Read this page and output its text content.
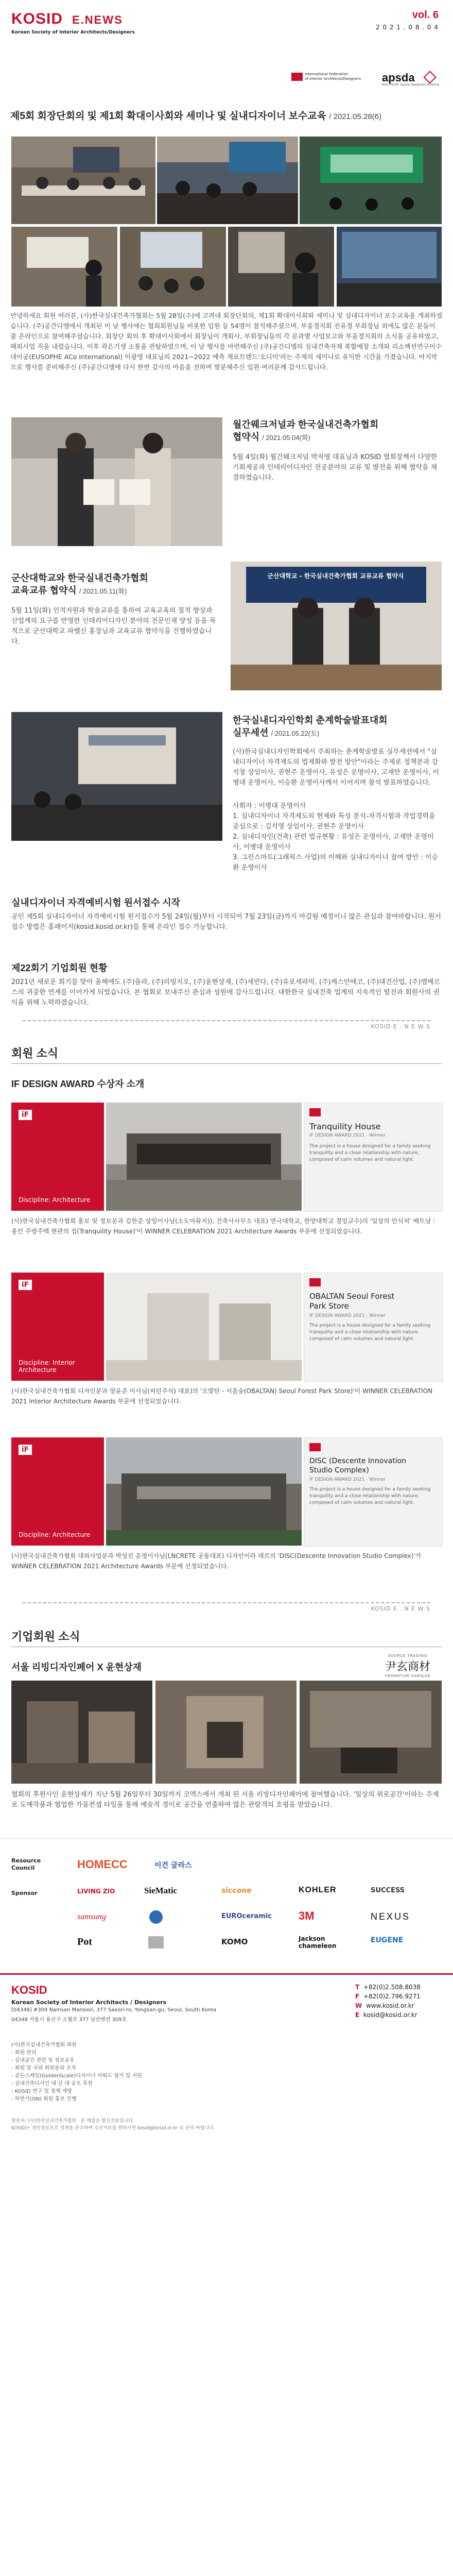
KOSID E.NEWS
Korean Society of Interior Architects/Designers
vol. 6
2 0 2 1 . 0 8 . 0 4
International Federation
of Interior Architects/Designers apsda
Asia Pacific Space Designers Alliance
제5회 회장단회의 및 제1회 확대이사회와 세미나 및 실내디자이너 보수교육 / 2021.05.28(6)

안녕하세요 회원 여러분, (사)한국실내건축가협회는 5월 28일(수)에 고려대 회장단회의, 제1회 확대이사회와 세미나 및 실내디자이너 보수교육을 개최하였습니다. (주)공간디엠에서 개최된 이 날 행사에는 협회회원님들 비롯한 임원 등 54명이 참석해주셨으며, 부울경지회 진유경 부회장님 외에도 많은 분들이 줌 온라인으로 참여해주셨습니다. 회장단 회의 후 확대이사회에서 회장님이 개회사, 부회장님들의 각 분과별 사업보고와 부울경지회의 소식을 공유하였고, 해외사업 직을 내렸습니다. 이후 곽은기생 소통을 관탑하였으며, 이 날 행사를 마련해주신 (주)공간디엠의 실내건축자재 복합매장 소개와 리소렉션연구이수네이공(EUSOPHE ACo International) 이광영 대표님의 2021~2022 예측 재료트렌드'오디이'라는 주제의 세미나로 유익한 시간을 가졌습니다. 마지막으로 행사를 준비해주신 (주)공간디엠에 다시 한번 감사의 마음을 전하며 발분해주신 임원·여러분께 감사드립니다.

월간웨크저널과 한국실내건축가협회
협약식 / 2021.05.04(화)

5월 4일(화) 월간웨크저널 박자영 대표님과 KOSID 협회장께서 다양한 기회제공과 인테리어디자인 전공분야의 교류 및 발전을 위해 협약을 체결하였습니다.

군산대학교와 한국실내건축가협회
교육교류 협약식 / 2021.05.11(화)

5월 11일(화) 인적자원과 학술교류를 통하여 교육교육의 질적 향상과 산업계의 요구를 반영한 인테리어디자인 분야의 전문인재 양성 등을 목적으로 군산대학교 파밸신 홍장님과 교육교류 협약식을 진행하였습니다.

군산대학교 - 한국실내건축가협회 교류교류 협약식
한국실내디자인학회 춘계학술발표대회
실무세션 / 2021.05.22(토)

(사)한국실내디자인학회에서 주최하는 춘계학술발표 실무세션에서 "실내디자이너 자격제도의 법제화와 발전 방안"이라는 주제로 정책분과 강석창 상임이사, 권현주 운영이사, 유성은 운영이사, 고재만 운영이사, 이병대 운영이사, 이승환 운영이사께서 이어지며 참석 발표하였습니다.

사회자 : 이병대 운영이사

1. 실내디자이너 자격제도의 현재와 특성 분석-자격시험과 작업경력을 중심으로 : 김석영 상임이사, 권현주 운영이사

2. 실내디자인(건축) 관련 법규현황 : 유성은 운영이사, 고재만 운영이사, 이병대 운영이사

3. 그린스마트(그래픽스 사업)의 이해와 실내디자이너 참여 방안 : 이승환 운영이사

실내디자이너 자격예비시험 원서접수 시작

공인 제5회 실내디자이너 자격예비시험 원서접수가 5월 24일(월)부터 시작되어 7월 23일(금)까지 마감될 예정이니 많은 관심과 참여바랍니다. 원서접수 방법은 홈페이지(kosid.kosid.or.kr)를 통해 온라인 접수 가능합니다.

제22회기 기업회원 현황

2021년 새로운 회기를 맞아 올해에도 (주)올라, (주)리빙지오, (주)윤현상재, (주)세빈다, (주)유로세라믹, (주)케스안에코, (주)대건산업, (주)엠베르스의 귀중한 연계를 이어가게 되었습니다. 본 협회로 보내주신 관심과 성원에 감사드립니다. 대한한국 실내건축 업계의 지속적인 발전과 회원사의 권익을 위해 노력하겠습니다.

KOSID E . N E W S
회원 소식
IF DESIGN AWARD 수상자 소개
iF
Discipline: Architecture
Tranquility House
IF DESIGN AWARD 2021 · Winner
The project is a house designed for a family seeking tranquility and a close relationship with nature, composed of calm volumes and natural light.

(사)한국실내건축가협회 홍보 및 정보분과 김한준 상임이사님(소도아뮤지)), 건축사사무소 대표) 연극대학교, 한양대학교 겸임교수)의 '일상의 안식처' 베트남 : 용인 주방주택 현관의 집(Tranquility House)'이 WINNER CELEBRATION 2021 Architecture Awards 부문에 선정되었습니다.

iF
Discipline: Interior Architecture
OBALTAN Seoul Forest
Park Store
IF DESIGN AWARD 2021 · Winner
The project is a house designed for a family seeking tranquility and a close relationship with nature, composed of calm volumes and natural light.

(사)한국실내건축가협회 디자인분과 양윤준 이사님(씨던주식) 대표)의 '오발탄 - 서울숲(OBALTAN) Seoul Forest Park Store)'이 WINNER CELEBRATION 2021 Interior Architecture Awards 부문에 선정되었습니다.

iF
Discipline: Architecture
DISC (Descente Innovation
Studio Complex)
IF DESIGN AWARD 2021 · Winner
The project is a house designed for a family seeking tranquility and a close relationship with nature, composed of calm volumes and natural light.

(사)한국실내건축가협회 대외사업분과 박성진 운영이사님(LNCRETE 공동대표) 디자인이라 데르의 'DISC(Descente Innovation Studio Complex)'가 WINNER CELEBRATION 2021 Architecture Awards 부문에 선정되었습니다.

KOSID E . N E W S
기업회원 소식
서울 리빙디자인페어 X 윤현상재
SOURCE TRADING
尹玄商材
YOONHYUN SANGJAE

협회의 후원사인 윤현상재가 지난 5월 26일부터 30일까지 코엑스에서 개최 된 서울 리빙디자인페어에 참여했습니다. '일상의 위로공간'이라는 주제로 도예작품과 협업한 가뭄컨셉 타일을 통해 예술적 경이로 공간을 연출하여 많은 관람객의 호평을 받았습니다.

Resource Council	HOMECC	이건 글라스
Sponsor	LIVING ZIO	SieMatic	siccone	KOHLER	SUCCESS
samsung	EUROceramic 3M	NEXUS
Pot	KOMO	Jackson chameleon
EUGENE
KOSID
Korean Society of Interior Architects / Designers
[04348] #309 Namsan Mansion, 377 Saeori-ro, Yongsan-gu, Seoul, South Korea
04348 서울시 용산구 소월로 377 남산맨션 309호
T +82(0)2.508.8038
F +82(0)2.796.9271
W www.kosid.or.kr
E kosid@kosid.or.kr
(사)한국실내건축가협회 회원
- 회원 관리
- 실내공간 관련 및 정보공유
- 회원 및 국외 회원분과 조직
- 골든스케일(GoldenScale)디자이너 어워드 참가 및 지원
- 실내건축디자인 대 산 대 공모 후원
- KOSID 연구 및 정책 개발
- 하반기(ON) 회원 홍보 진행
발송처: (사)한국실내건축가협회 · 본 메일은 발신전용입니다.
KOSID는 개인정보보호 정책을 준수하며 수신거부를 원하시면 kosid@kosid.or.kr 로 문의 바랍니다.
